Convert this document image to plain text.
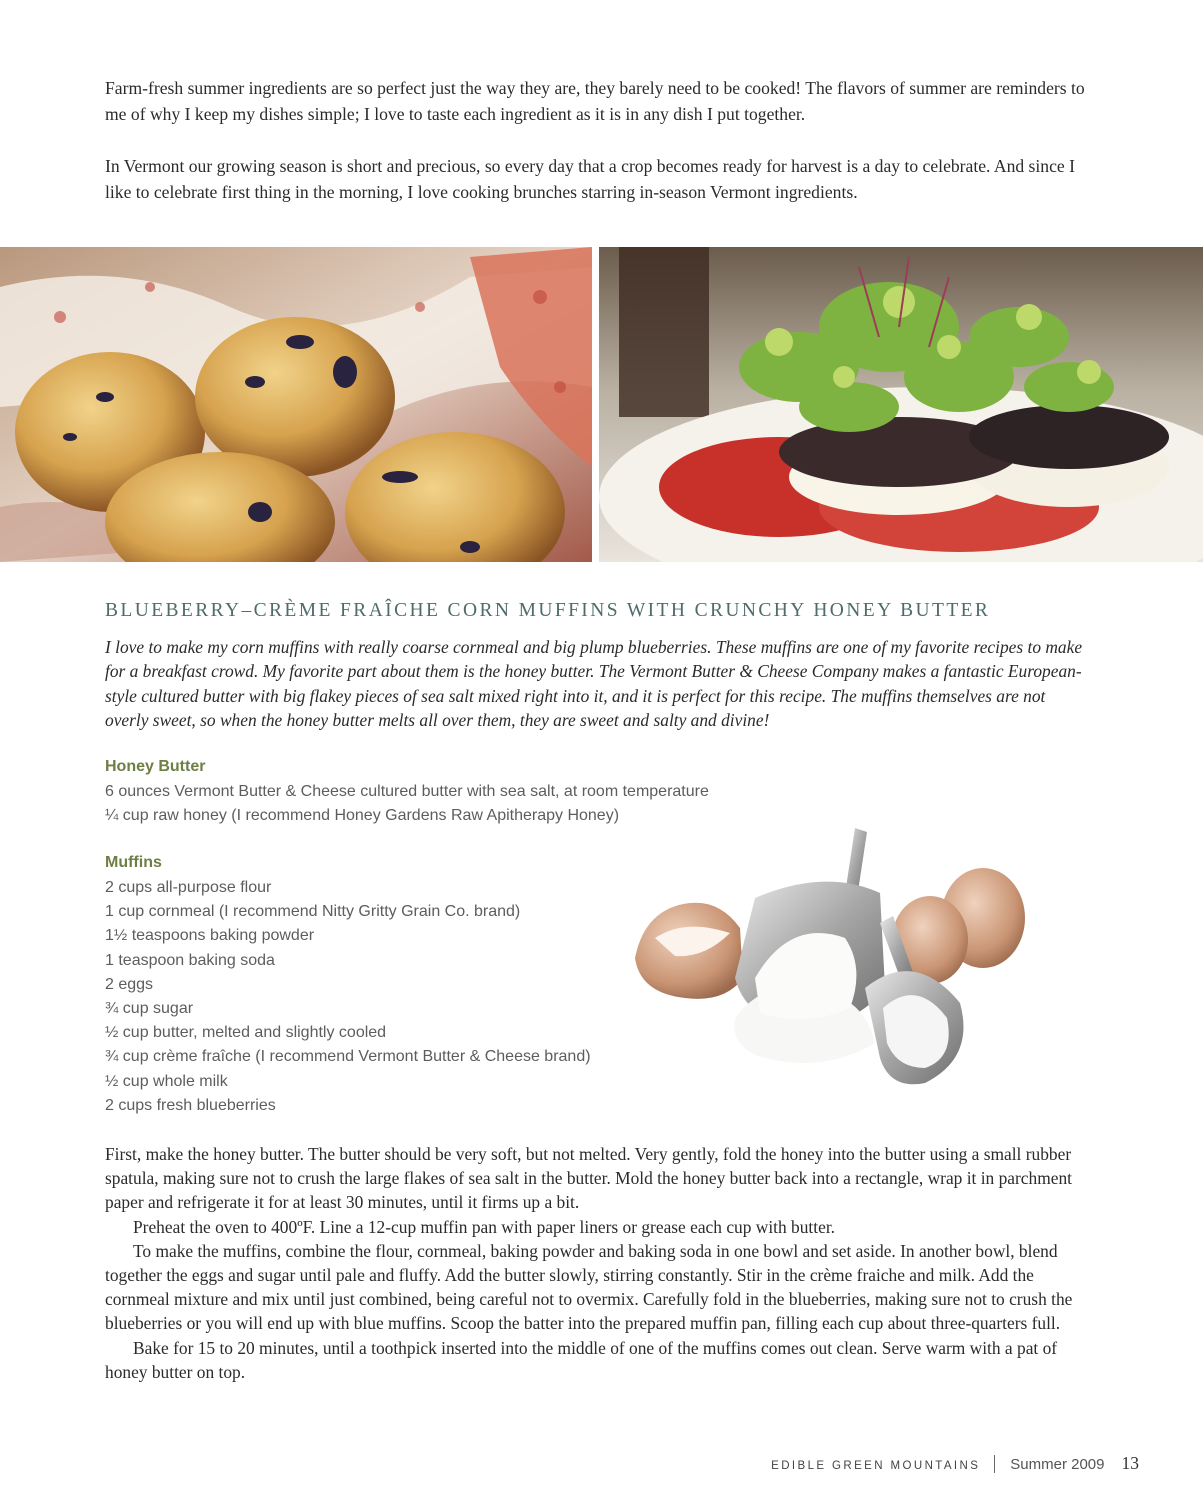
Farm-fresh summer ingredients are so perfect just the way they are, they barely need to be cooked! The flavors of summer are reminders to me of why I keep my dishes simple; I love to taste each ingredient as it is in any dish I put together.

In Vermont our growing season is short and precious, so every day that a crop becomes ready for harvest is a day to celebrate. And since I like to celebrate first thing in the morning, I love cooking brunches starring in-season Vermont ingredients.

BLUEBERRY–CRÈME FRAÎCHE CORN MUFFINS WITH CRUNCHY HONEY BUTTER

I love to make my corn muffins with really coarse cornmeal and big plump blueberries. These muffins are one of my favorite recipes to make for a breakfast crowd. My favorite part about them is the honey butter. The Vermont Butter & Cheese Company makes a fantastic European-style cultured butter with big flakey pieces of sea salt mixed right into it, and it is perfect for this recipe. The muffins themselves are not overly sweet, so when the honey butter melts all over them, they are sweet and salty and divine!

Honey Butter
6 ounces Vermont Butter & Cheese cultured butter with sea salt, at room temperature
¼ cup raw honey (I recommend Honey Gardens Raw Apitherapy Honey)
Muffins
2 cups all-purpose flour
1 cup cornmeal (I recommend Nitty Gritty Grain Co. brand)
1½ teaspoons baking powder
1 teaspoon baking soda
2 eggs
¾ cup sugar
½ cup butter, melted and slightly cooled
¾ cup crème fraîche (I recommend Vermont Butter & Cheese brand)
½ cup whole milk
2 cups fresh blueberries

First, make the honey butter. The butter should be very soft, but not melted. Very gently, fold the honey into the butter using a small rubber spatula, making sure not to crush the large flakes of sea salt in the butter. Mold the honey butter back into a rectangle, wrap it in parchment paper and refrigerate it for at least 30 minutes, until it firms up a bit.

Preheat the oven to 400ºF. Line a 12-cup muffin pan with paper liners or grease each cup with butter.

To make the muffins, combine the flour, cornmeal, baking powder and baking soda in one bowl and set aside. In another bowl, blend together the eggs and sugar until pale and fluffy. Add the butter slowly, stirring constantly. Stir in the crème fraiche and milk. Add the cornmeal mixture and mix until just combined, being careful not to overmix. Carefully fold in the blueberries, making sure not to crush the blueberries or you will end up with blue muffins. Scoop the batter into the prepared muffin pan, filling each cup about three-quarters full.

Bake for 15 to 20 minutes, until a toothpick inserted into the middle of one of the muffins comes out clean. Serve warm with a pat of honey butter on top.

EDIBLE GREEN MOUNTAINS Summer 2009 13
